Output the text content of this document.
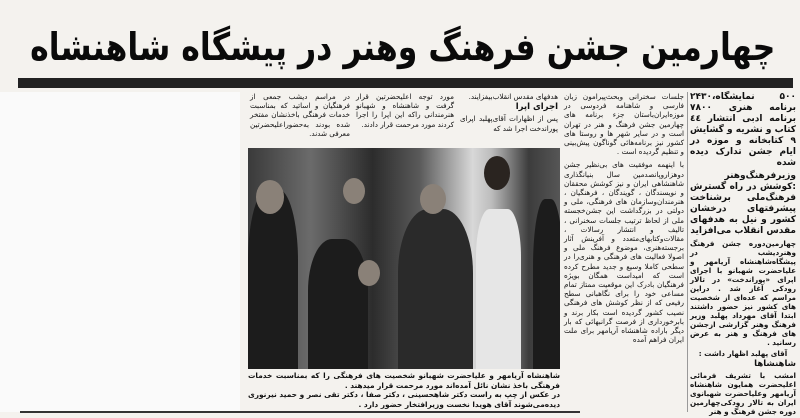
چهارمین جشن فرهنگ وهنر در پیشگاه شاهنشاه

۵۰۰ نمایشگاه،۲۴۳۰ برنامه هنری ۷۸۰۰ برنامه ادبی انتشار ٤٤ کتاب و نشریه و گشایش ۹ کتابخانه و موزه در ایام جشن تدارک دیده شده

وزیرفرهنگ‌وهنر :کوشش در راه گسترش فرهنگ‌ملی برشناخت پیشرفتهای درخشان کشور و نیل به هدفهای مقدس انقلاب می‌افزاید

چهارمین‌دوره جشن فرهنگ وهنردیشب در پیشگاه‌شاهنشاه آریامهر و علیاحضرت شهبانو با اجرای اپرای «پوراندخت» در تالار رودکی آغاز شد . دراین مراسم که عده‌ای از شخصیت های کشور نیز حضور داشتند ابتدا آقای مهرداد پهلبد وزیر فرهنگ وهنر گزارشی ازجشن های فرهنگ و هنر به عرض رسانید .

آقای پهلبد اظهار داشت :

شاهنشاها

امشب با تشریف فرمائی اعلیحضرت همایون شاهنشاه آریامهر وعلیاحضرت شهبانوی ایران به تالار رودکی‌چهارمین دوره جشن فرهنگ و هنر

جلسات سخنرانی وبحث‌پیرامون زبان فارسی و شاهنامه فردوسی در موزه‌ایران‌باستان جزء برنامه های چهارمین جشن فرهنگ و هنر در تهران است و در سایر شهر ها و روستا های کشور نیز برنامه‌هائی گوناگون پیش‌بینی و تنظیم گردیده است .

با اینهمه موفقیت های بی‌نظیر جشن دوهزاروپانصدمین سال بنیانگذاری شاهنشاهی ایران و نیز کوشش محققان و نویسندگان ، گویندگان ، فرهنگیان ، هنرمندان‌وسازمان های فرهنگی، ملی و دولتی در بزرگداشت این جشن‌خجسته ملی از لحاظ ترتیب جلسات سخنرانی ، تالیف و انتشار رسالات ، مقالات‌وکتابهای‌متعدد و آفرینش آثار برجسته‌هنری، موضوع فرهنگ ملی و اصولا فعالیت های فرهنگی و هنری‌را در سطحی کاملا وسیع و جدید مطرح کرده است که امیداست همگان بویژه فرهنگیان بادرک این موقعیت ممتاز تمام مساعی خود را برای نگاهبانی سطح رفیعی که از نظر کوشش های فرهنگی نصیب کشور گردیده است بکار برند و بابرخورداری از فرصت گرانبهائی که بار دیگر باراده شاهنشاه آریامهر برای ملت ایران فراهم آمده

هدفهای مقدس انقلاب‌بیفزایند.
اجرای اپرا
پس از اظهارات آقای‌پهلبد اپرای پوراندخت اجرا شد که
مورد توجه اعلیحضرتین قرار گرفت و شاهنشاه و شهبانو هنرمندانی راکه این اپرا را اجرا کردند مورد مرحمت قرار دادند.
در مراسم دیشب جمعی از فرهنگیان و اساتید که بمناسبت خدمات فرهنگی باخذنشان مفتخر شده بودند به‌حضوراعلیحضرتین معرفی شدند.
شاهنشاه آریامهر و علیاحضرت شهبانو شخصیت های فرهنگی را که بمناسبت خدمات فرهنگی باخذ نشان نائل آمده‌اند مورد مرحمت قرار میدهند .
در عکس از چپ به راست دکتر شاهحسینی ، دکتر صفا ، دکتر تقی نصر و حمید نیرنوری دیده‌می‌شوند آقای هویدا نخست وزیرافتخار حضور دارد .
